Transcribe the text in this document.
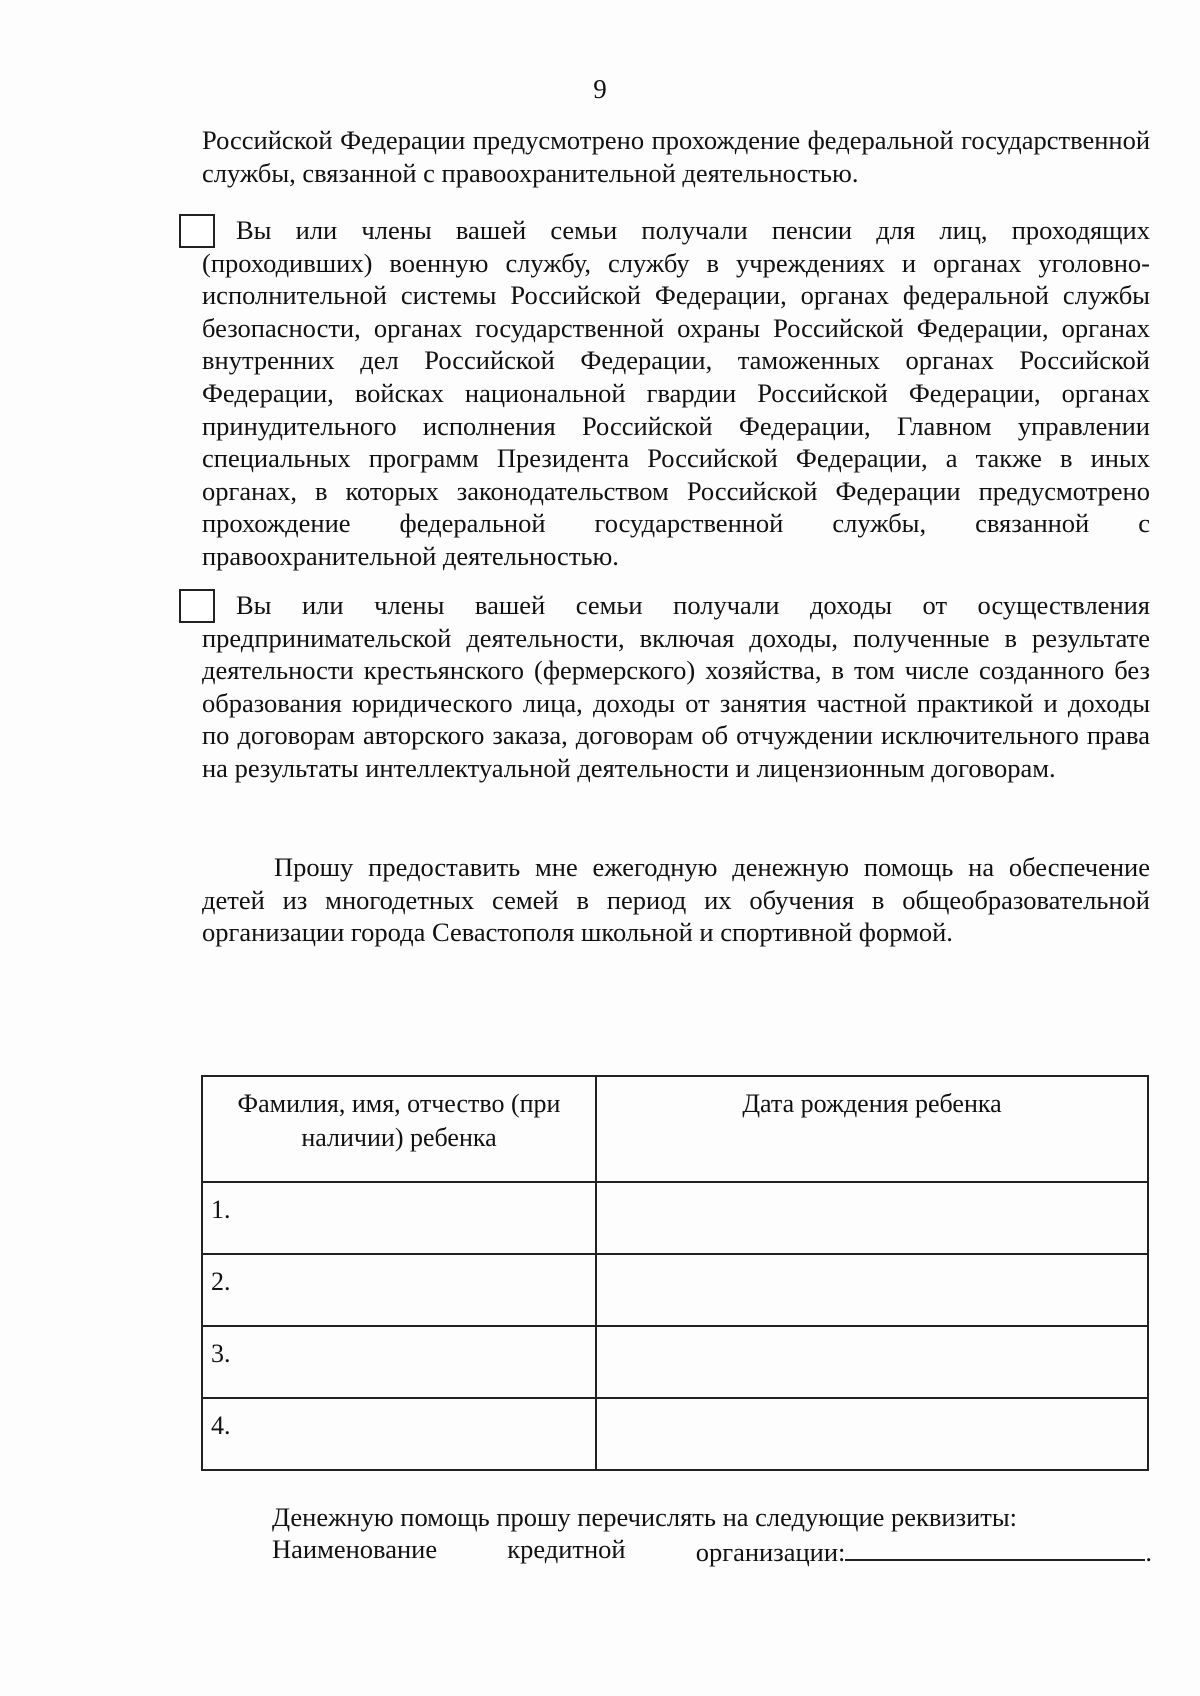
9

Российской Федерации предусмотрено прохождение федеральной государственной службы, связанной с правоохранительной деятельностью.

Вы или члены вашей семьи получали пенсии для лиц, проходящих (проходивших) военную службу, службу в учреждениях и органах уголовно-исполнительной системы Российской Федерации, органах федеральной службы безопасности, органах государственной охраны Российской Федерации, органах внутренних дел Российской Федерации, таможенных органах Российской Федерации, войсках национальной гвардии Российской Федерации, органах принудительного исполнения Российской Федерации, Главном управлении специальных программ Президента Российской Федерации, а также в иных органах, в которых законодательством Российской Федерации предусмотрено прохождение федеральной государственной службы, связанной с правоохранительной деятельностью.

Вы или члены вашей семьи получали доходы от осуществления предпринимательской деятельности, включая доходы, полученные в результате деятельности крестьянского (фермерского) хозяйства, в том числе созданного без образования юридического лица, доходы от занятия частной практикой и доходы по договорам авторского заказа, договорам об отчуждении исключительного права на результаты интеллектуальной деятельности и лицензионным договорам.

Прошу предоставить мне ежегодную денежную помощь на обеспечение детей из многодетных семей в период их обучения в общеобразовательной организации города Севастополя школьной и спортивной формой.

Фамилия, имя, отчество (при наличии) ребенка	Дата рождения ребенка
1.	
2.	
3.	
4.	
Денежную помощь прошу перечислять на следующие реквизиты:
Наименование	кредитной	организации:	.
